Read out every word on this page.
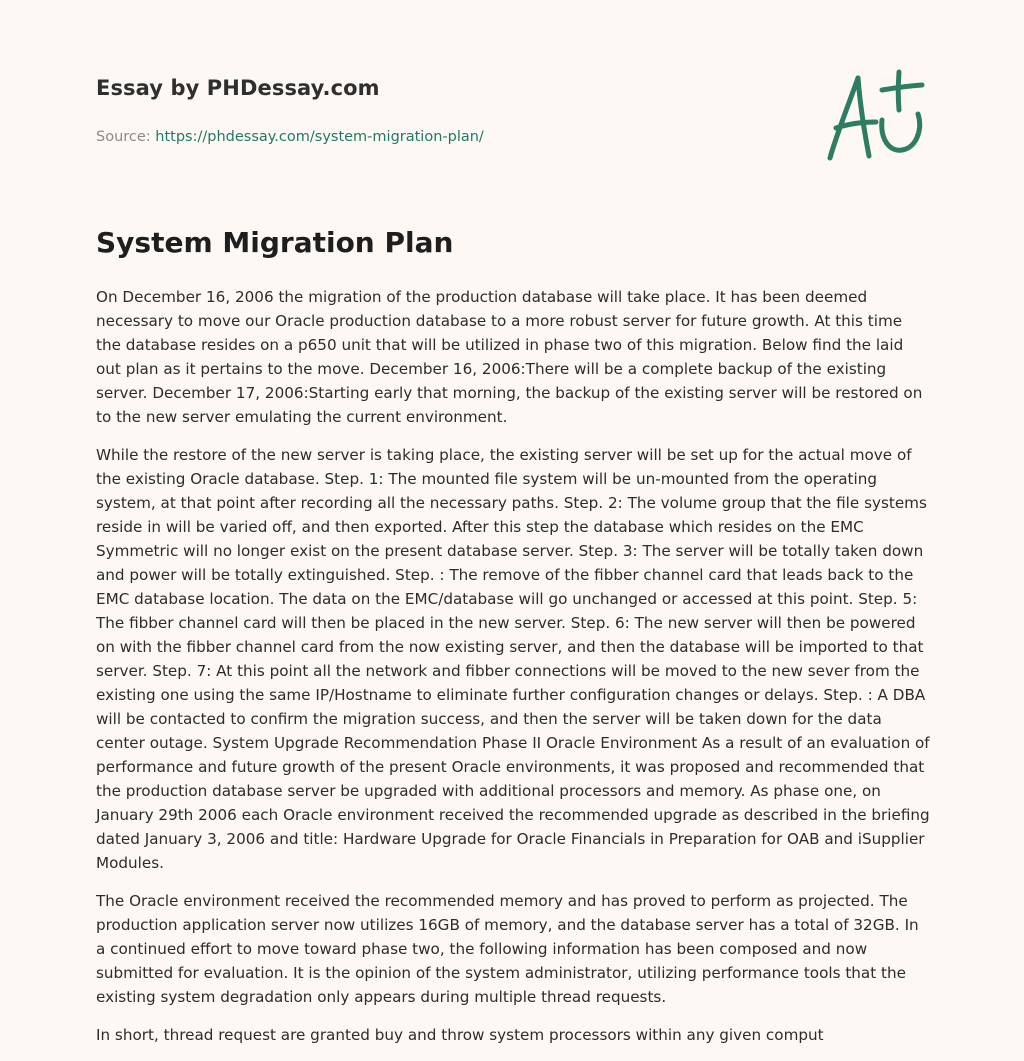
Essay by PHDessay.com
Source: https://phdessay.com/system-migration-plan/
System Migration Plan

On December 16, 2006 the migration of the production database will take place. It has been deemed necessary to move our Oracle production database to a more robust server for future growth. At this time the database resides on a p650 unit that will be utilized in phase two of this migration. Below find the laid out plan as it pertains to the move. December 16, 2006:There will be a complete backup of the existing server. December 17, 2006:Starting early that morning, the backup of the existing server will be restored on to the new server emulating the current environment.

While the restore of the new server is taking place, the existing server will be set up for the actual move of the existing Oracle database. Step. 1: The mounted file system will be un-mounted from the operating system, at that point after recording all the necessary paths. Step. 2: The volume group that the file systems reside in will be varied off, and then exported. After this step the database which resides on the EMC Symmetric will no longer exist on the present database server. Step. 3: The server will be totally taken down and power will be totally extinguished. Step. : The remove of the fibber channel card that leads back to the EMC database location. The data on the EMC/database will go unchanged or accessed at this point. Step. 5: The fibber channel card will then be placed in the new server. Step. 6: The new server will then be powered on with the fibber channel card from the now existing server, and then the database will be imported to that server. Step. 7: At this point all the network and fibber connections will be moved to the new sever from the existing one using the same IP/Hostname to eliminate further configuration changes or delays. Step. : A DBA will be contacted to confirm the migration success, and then the server will be taken down for the data center outage. System Upgrade Recommendation Phase II Oracle Environment As a result of an evaluation of performance and future growth of the present Oracle environments, it was proposed and recommended that the production database server be upgraded with additional processors and memory. As phase one, on January 29th 2006 each Oracle environment received the recommended upgrade as described in the briefing dated January 3, 2006 and title: Hardware Upgrade for Oracle Financials in Preparation for OAB and iSupplier Modules.

The Oracle environment received the recommended memory and has proved to perform as projected. The production application server now utilizes 16GB of memory, and the database server has a total of 32GB. In a continued effort to move toward phase two, the following information has been composed and now submitted for evaluation. It is the opinion of the system administrator, utilizing performance tools that the existing system degradation only appears during multiple thread requests.

In short, thread request are granted buy and throw system processors within any given comput
